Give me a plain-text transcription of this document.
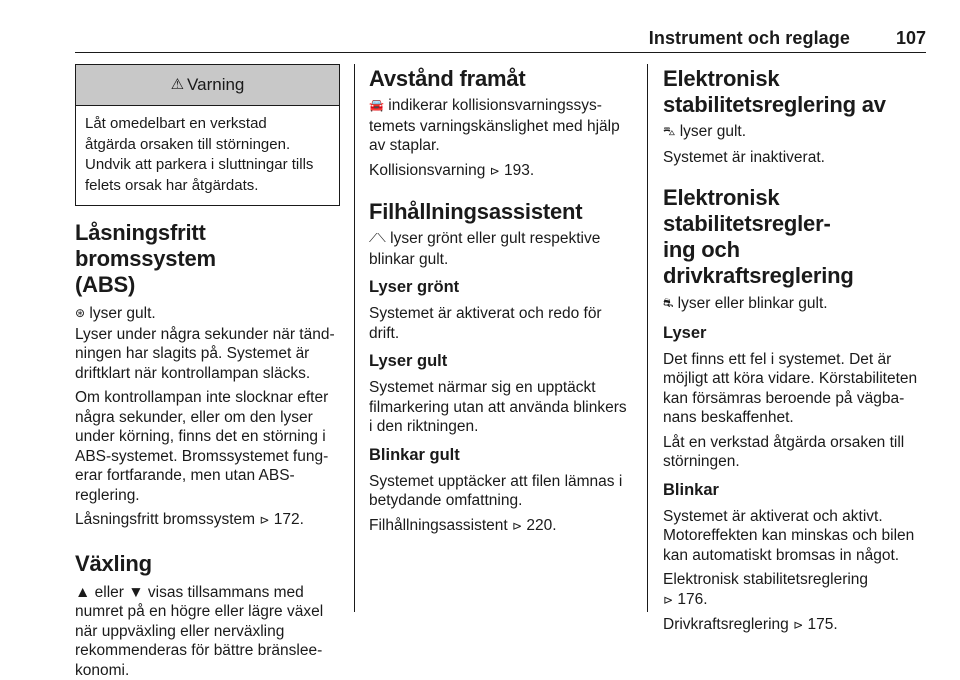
Instrument och reglage	107
⚠ Varning

Låt omedelbart en verkstad

åtgärda orsaken till störningen.

Undvik att parkera i sluttningar tills

felets orsak har åtgärdats.

Låsningsfritt bromssystem
(ABS)

⊛ lyser gult.

Lyser under några sekunder när tänd-
ningen har slagits på. Systemet är
driftklart när kontrollampan släcks.

Om kontrollampan inte slocknar efter
några sekunder, eller om den lyser
under körning, finns det en störning i
ABS-systemet. Bromssystemet fung-
erar fortfarande, men utan ABS-
reglering.

Låsningsfritt bromssystem ⊳ 172.

Växling

▲ eller ▼ visas tillsammans med
numret på en högre eller lägre växel
när uppväxling eller nerväxling
rekommenderas för bättre bränslee-
konomi.

Avstånd framåt

🚘 indikerar kollisionsvarningssys-
temets varningskänslighet med hjälp
av staplar.

Kollisionsvarning ⊳ 193.

Filhållningsassistent

⟋⟍ lyser grönt eller gult respektive
blinkar gult.

Lyser grönt

Systemet är aktiverat och redo för
drift.

Lyser gult

Systemet närmar sig en upptäckt
filmarkering utan att använda blinkers
i den riktningen.

Blinkar gult

Systemet upptäcker att filen lämnas i
betydande omfattning.

Filhållningsassistent ⊳ 220.

Elektronisk
stabilitetsreglering av

⛍ lyser gult.

Systemet är inaktiverat.

Elektronisk stabilitetsregler-
ing och drivkraftsreglering

⛐ lyser eller blinkar gult.

Lyser

Det finns ett fel i systemet. Det är
möjligt att köra vidare. Körstabiliteten
kan försämras beroende på vägba-
nans beskaffenhet.

Låt en verkstad åtgärda orsaken till
störningen.

Blinkar

Systemet är aktiverat och aktivt.
Motoreffekten kan minskas och bilen
kan automatiskt bromsas in något.

Elektronisk stabilitetsreglering
⊳ 176.

Drivkraftsreglering ⊳ 175.
